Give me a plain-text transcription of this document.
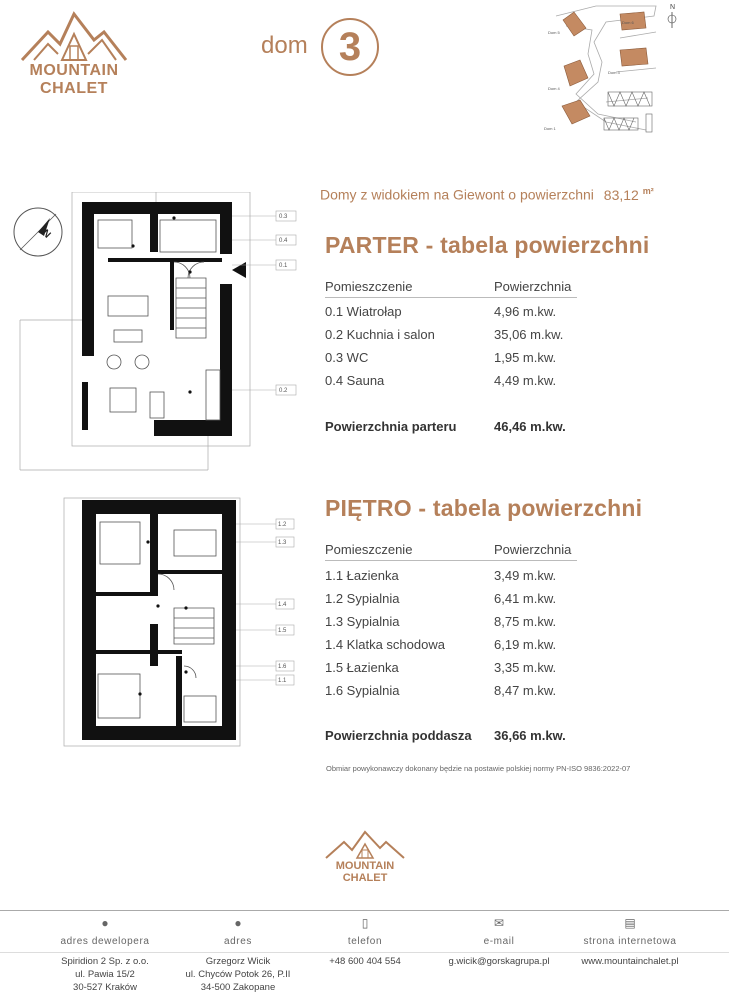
MOUNTAIN
CHALET
dom 3	Dom 5
Dom 6
Dom 3
Dom 4
Dom 1
N
Domy z widokiem na Giewont o powierzchni 83,12 $^{m^2}$
N
0.3
0.4
0.1
0.2
1.2
1.3
1.4
1.5
1.6
1.1
PARTER - tabela powierzchni
Pomieszczenie	Powierzchnia
0.1 Wiatrołap	4,96 m.kw.
0.2 Kuchnia i salon	35,06 m.kw.
0.3 WC	1,95 m.kw.
0.4 Sauna	4,49 m.kw.
Powierzchnia parteru	46,46 m.kw.
PIĘTRO - tabela powierzchni
Pomieszczenie	Powierzchnia
1.1 Łazienka	3,49 m.kw.
1.2 Sypialnia	6,41 m.kw.
1.3 Sypialnia	8,75 m.kw.
1.4 Klatka schodowa	6,19 m.kw.
1.5 Łazienka	3,35 m.kw.
1.6 Sypialnia	8,47 m.kw.
Powierzchnia poddasza 36,66 m.kw.
Obmiar powykonawczy dokonany będzie na postawie polskiej normy PN-ISO 9836:2022-07
MOUNTAIN
CHALET
●
adres dewelopera
Spiridion 2 Sp. z o.o.
ul. Pawia 15/2
30-527 Kraków
●
adres
Grzegorz Wicik
ul. Chyców Potok 26, P.II
34-500 Zakopane
▯
telefon
+48 600 404 554
✉
e-mail
g.wicik@gorskagrupa.pl
▤
strona internetowa
www.mountainchalet.pl
